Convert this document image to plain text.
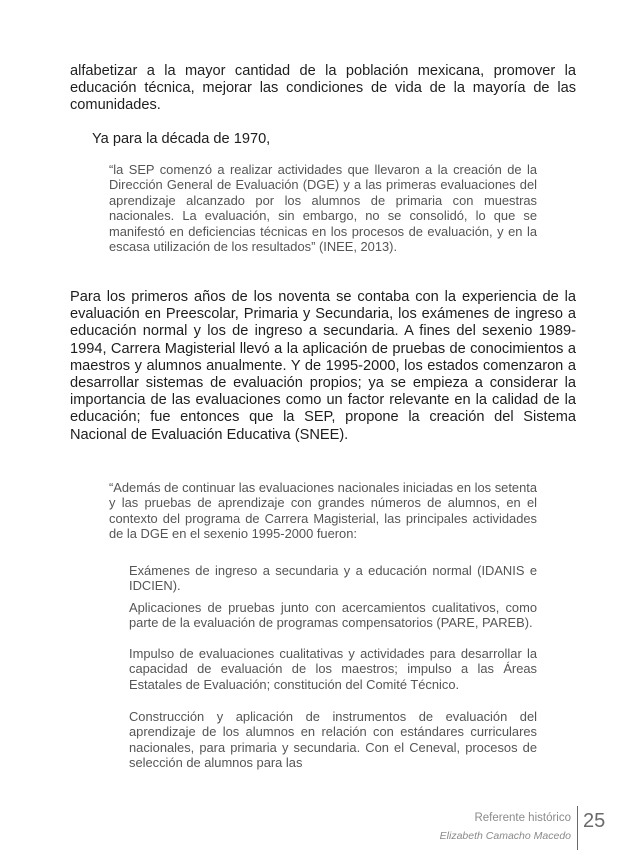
alfabetizar a la mayor cantidad de la población mexicana, promover la educación técnica, mejorar las condiciones de vida de la mayoría de las comunidades.

Ya para la década de 1970,

“la SEP comenzó a realizar actividades que llevaron a la creación de la Dirección General de Evaluación (DGE) y a las primeras evaluaciones del aprendizaje alcanzado por los alumnos de primaria con muestras nacionales. La evaluación, sin embargo, no se consolidó, lo que se manifestó en deficiencias técnicas en los procesos de evaluación, y en la escasa utilización de los resultados” (INEE, 2013).

Para los primeros años de los noventa se contaba con la experiencia de la evaluación en Preescolar, Primaria y Secundaria, los exámenes de ingreso a educación normal y los de ingreso a secundaria. A fines del sexenio 1989-1994, Carrera Magisterial llevó a la aplicación de pruebas de conocimientos a maestros y alumnos anualmente. Y de 1995-2000, los estados comenzaron a desarrollar sistemas de evaluación propios; ya se empieza a considerar la importancia de las evaluaciones como un factor relevante en la calidad de la educación; fue entonces que la SEP, propone la creación del Sistema Nacional de Evaluación Educativa (SNEE).

“Además de continuar las evaluaciones nacionales iniciadas en los setenta y las pruebas de aprendizaje con grandes números de alumnos, en el contexto del programa de Carrera Magisterial, las principales actividades de la DGE en el sexenio 1995-2000 fueron:

Exámenes de ingreso a secundaria y a educación normal (IDANIS e IDCIEN).

Aplicaciones de pruebas junto con acercamientos cualitativos, como parte de la evaluación de programas compensatorios (PARE, PAREB).

Impulso de evaluaciones cualitativas y actividades para desarrollar la capacidad de evaluación de los maestros; impulso a las Áreas Estatales de Evaluación; constitución del Comité Técnico.

Construcción y aplicación de instrumentos de evaluación del aprendizaje de los alumnos en relación con estándares curriculares nacionales, para primaria y secundaria. Con el Ceneval, procesos de selección de alumnos para las

Referente histórico
Elizabeth Camacho Macedo
25
